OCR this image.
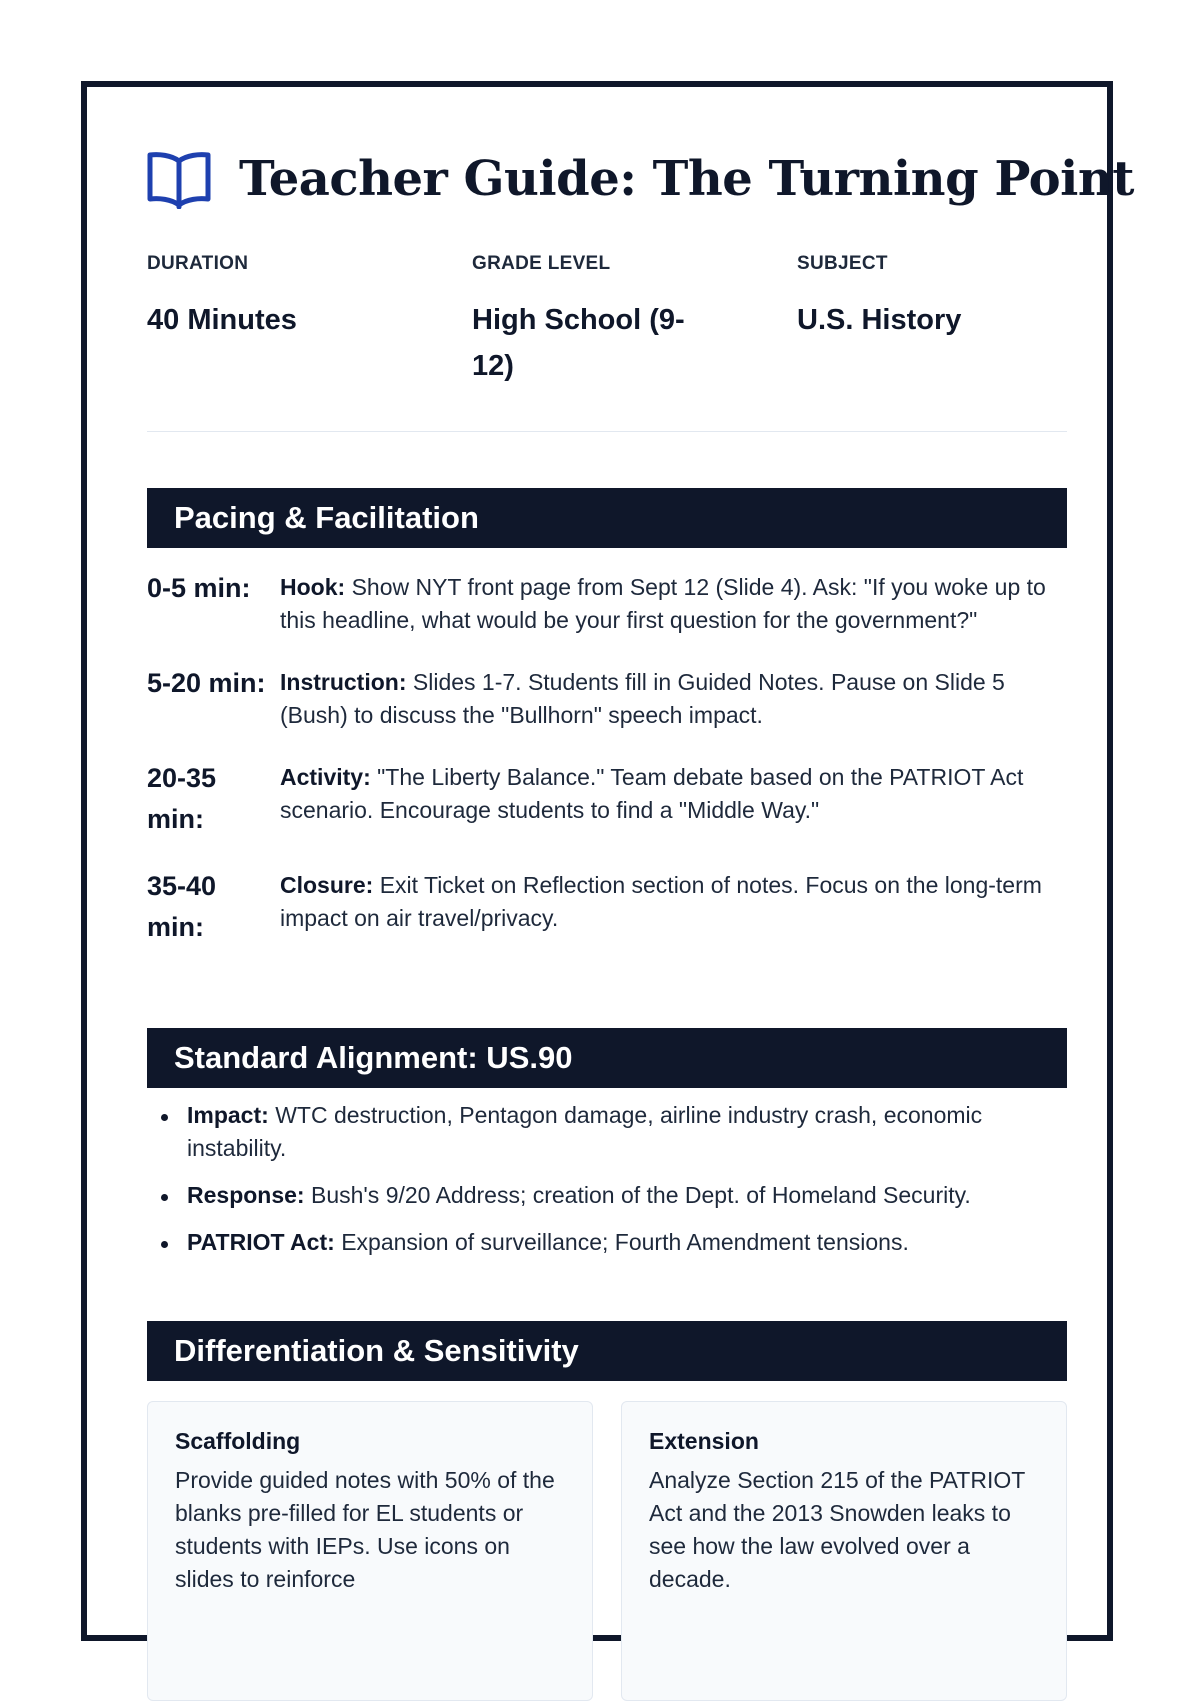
Teacher Guide: The Turning Point
DURATION
40 Minutes
GRADE LEVEL
High School (9-12)
SUBJECT
U.S. History
Pacing & Facilitation
0-5 min:	Hook: Show NYT front page from Sept 12 (Slide 4). Ask: "If you woke up to this headline, what would be your first question for the government?"
5-20 min: Instruction: Slides 1-7. Students fill in Guided Notes. Pause on Slide 5 (Bush) to discuss the "Bullhorn" speech impact.
20-35 min:
Activity: "The Liberty Balance." Team debate based on the PATRIOT Act scenario. Encourage students to find a "Middle Way."
35-40 min:
Closure: Exit Ticket on Reflection section of notes. Focus on the long-term impact on air travel/privacy.
Standard Alignment: US.90
Impact: WTC destruction, Pentagon damage, airline industry crash, economic instability.
Response: Bush's 9/20 Address; creation of the Dept. of Homeland Security.
PATRIOT Act: Expansion of surveillance; Fourth Amendment tensions.
Differentiation & Sensitivity
Scaffolding
Provide guided notes with 50% of the blanks pre-filled for EL students or students with IEPs. Use icons on slides to reinforce
Extension
Analyze Section 215 of the PATRIOT Act and the 2013 Snowden leaks to see how the law evolved over a decade.
